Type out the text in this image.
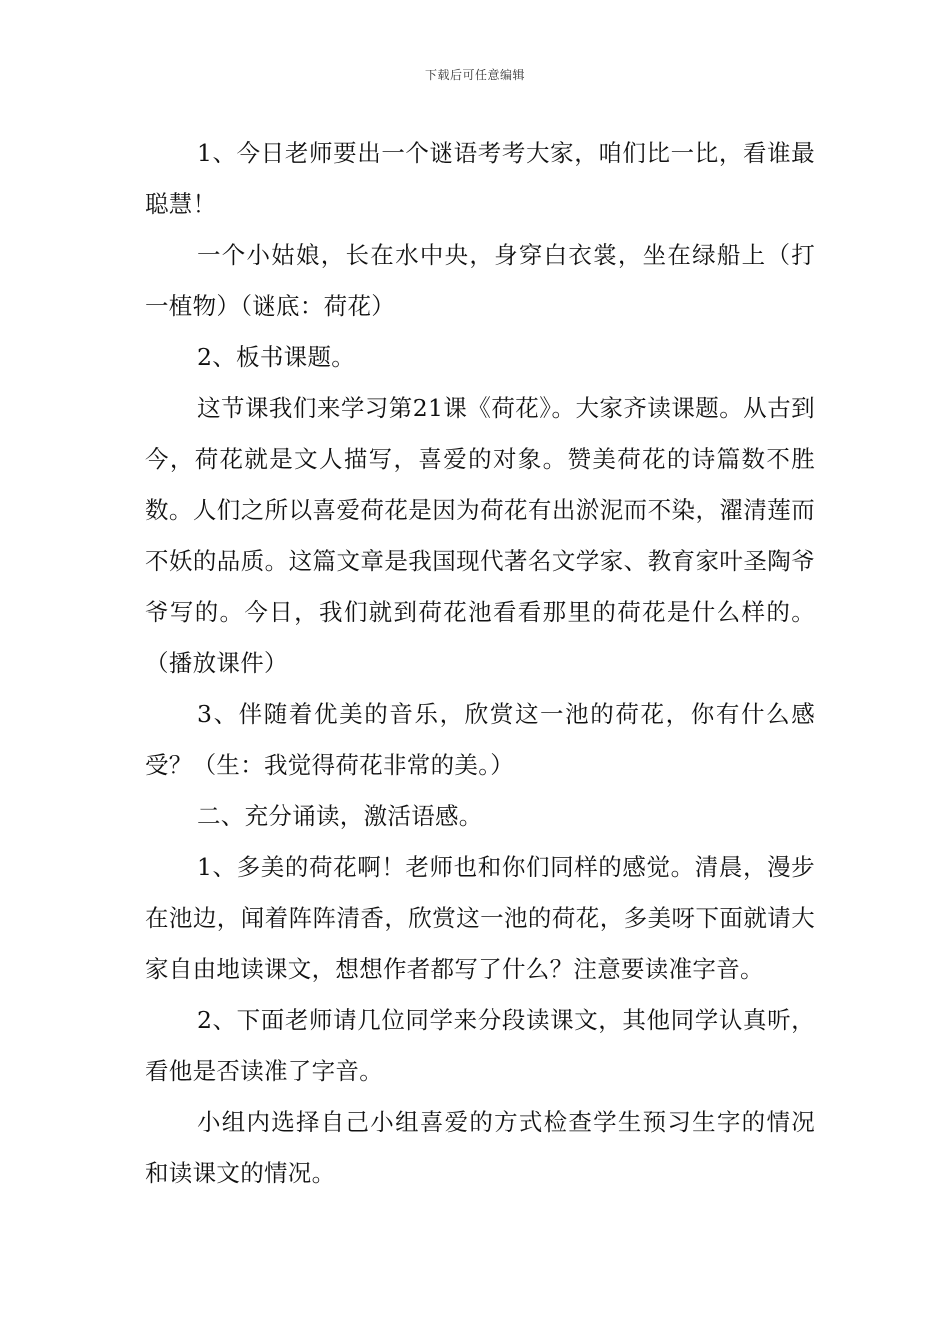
下载后可任意编辑

1、今日老师要出一个谜语考考大家，咱们比一比，看谁最聪慧！

一个小姑娘，长在水中央，身穿白衣裳，坐在绿船上（打一植物）（谜底：荷花）

2、板书课题。

这节课我们来学习第21课《荷花》。大家齐读课题。从古到今，荷花就是文人描写，喜爱的对象。赞美荷花的诗篇数不胜数。人们之所以喜爱荷花是因为荷花有出淤泥而不染，濯清莲而不妖的品质。这篇文章是我国现代著名文学家、教育家叶圣陶爷爷写的。今日，我们就到荷花池看看那里的荷花是什么样的。（播放课件）

3、伴随着优美的音乐，欣赏这一池的荷花，你有什么感受？（生：我觉得荷花非常的美。）

二、充分诵读，激活语感。

1、多美的荷花啊！老师也和你们同样的感觉。清晨，漫步在池边，闻着阵阵清香，欣赏这一池的荷花，多美呀下面就请大家自由地读课文，想想作者都写了什么？注意要读准字音。

2、下面老师请几位同学来分段读课文，其他同学认真听，看他是否读准了字音。

小组内选择自己小组喜爱的方式检查学生预习生字的情况和读课文的情况。
